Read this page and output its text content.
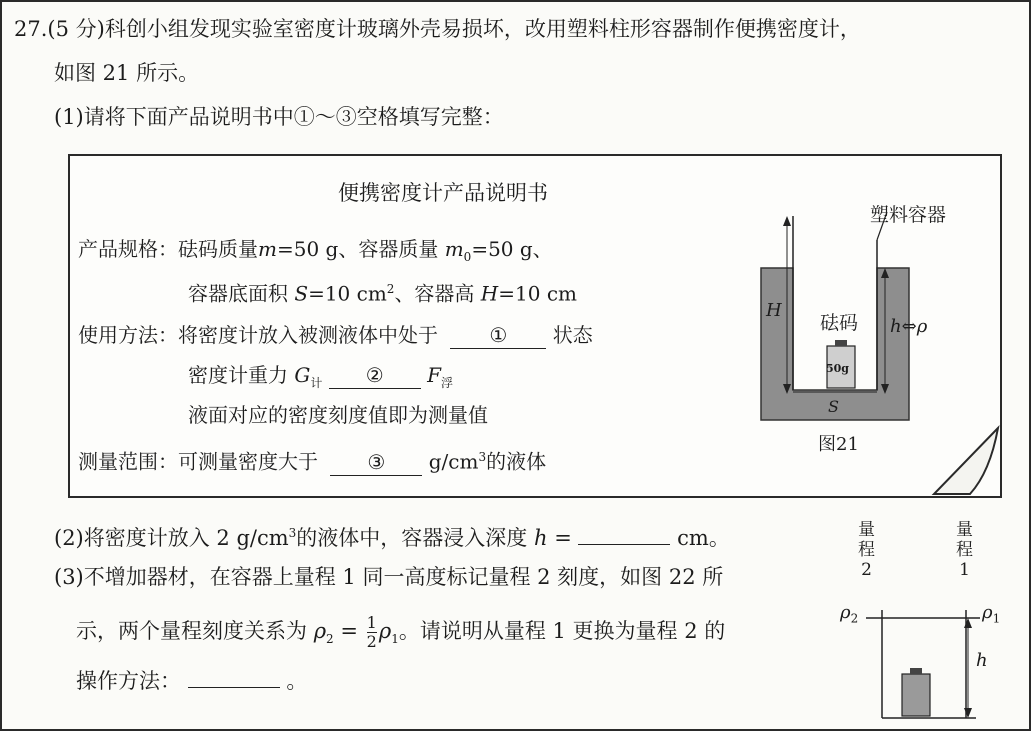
27.(5 分)科创小组发现实验室密度计玻璃外壳易损坏，改用塑料柱形容器制作便携密度计，
如图 21 所示。
(1)请将下面产品说明书中①～③空格填写完整：
便携密度计产品说明书
产品规格：砝码质量m=50 g、容器质量 $m_0=50$ g、
容器底面积 S=10 $cm^2$、容器高 H=10 cm
使用方法：将密度计放入被测液体中处于	① 状态
密度计重力 $G_计$ ② $F_浮$
液面对应的密度刻度值即为测量值
测量范围：可测量密度大于 ③ $g/cm^3$的液体
塑料容器
H
砝码 h⇔ρ
50g
S
图21
(2)将密度计放入 2 $g/cm^3$的液体中，容器浸入深度 h =	cm。
(3)不增加器材，在容器上量程 1 同一高度标记量程 2 刻度，如图 22 所
示，两个量程刻度关系为 $\rho_2 = \frac{1}{2} \rho_1$。请说明从量程 1 更换为量程 2 的
操作方法：	。
量
程
2
量
程
1
$\rho_2$	$\rho_1$
h
